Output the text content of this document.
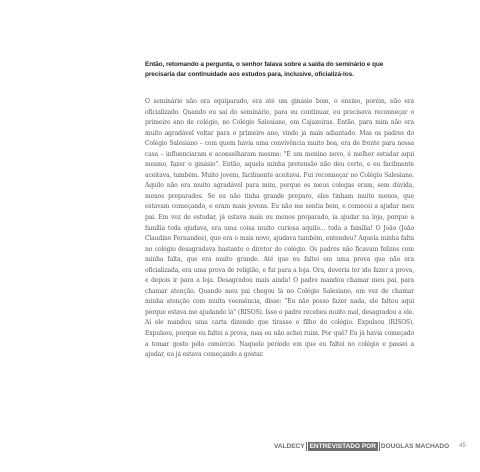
Então, retomando a pergunta, o senhor falava sobre a saída do seminário e que precisaria dar continuidade aos estudos para, inclusive, oficializá-los.

O seminário não era equiparado, era até um ginásio bom, o ensino, porém, não era oficializado. Quando eu saí do seminário, para eu continuar, eu precisava reconneçar o primeiro ano de colégio, no Colégio Salesiano, em Cajazeiras. Então, para mim não era muito agradável voltar para o primeiro ano, vindo já mais adiantado. Mas os padres do Colégio Salesiano – com quem havia uma convivência muito boa, era de frente para nossa casa – influenciaram e aconselharam mesmo: "É um menino novo, é melhor estudar aqui mesmo, fazer o ginásio". Então, aquela minha pretensão não deu certo, e eu facilmente aceitava, também. Muito jovem, facilmente aceitava. Fui reconneçar no Colégio Salesiano. Aquilo não era muito agradável para mim, porque os meus colegas eram, sem dúvida, menos preparados. Se eu não tinha grande preparo, eles tinham muito menos, que estavam começando, e eram mais jovens. Eu não me sentia bem, e comecei a ajudar meu pai. Em vez de estudar, já estava mais ou menos preparado, ia ajudar na loja, porque a família toda ajudava, era uma coisa muito curiosa aquilo... toda a família! O João (João Claudino Fernandes), que era o mais novo, ajudava também, entendeu? Aquela minha falta no colégio desagradava bastante o diretor do colégio. Os padres não ficavam felizes com minha falta, que era muito grande. Até que eu faltei em uma prova que não era oficializada, era uma prova de religião, e fui para a loja. Ora, deveria ter ido fazer a prova, e depois ir para a loja. Desagradou mais ainda! O padre mandou chamar meu pai, para chamar atenção. Quando meu pai chegou lá no Colégio Salesiano, em vez de chamar minha atenção com muita veemência, disse: "Eu não posso fazer nada, ele faltou aqui porque estava me ajudando lá" (RISOS). Isso o padre recebeu muito mal, desagradou a ele. Aí ele mandou uma carta dizendo que tirasse o filho do colégio. Expulsou (RISOS). Expulsou, porque eu faltei a prova, mas eu não achei ruim. Por quê? Eu já havia começado a tomar gosto pelo comércio. Naquele período em que eu faltei no colégio e passei a ajudar, eu já estava começando a gostar.

VALDECY ENTREVISTADO POR DOUGLAS MACHADO 45
